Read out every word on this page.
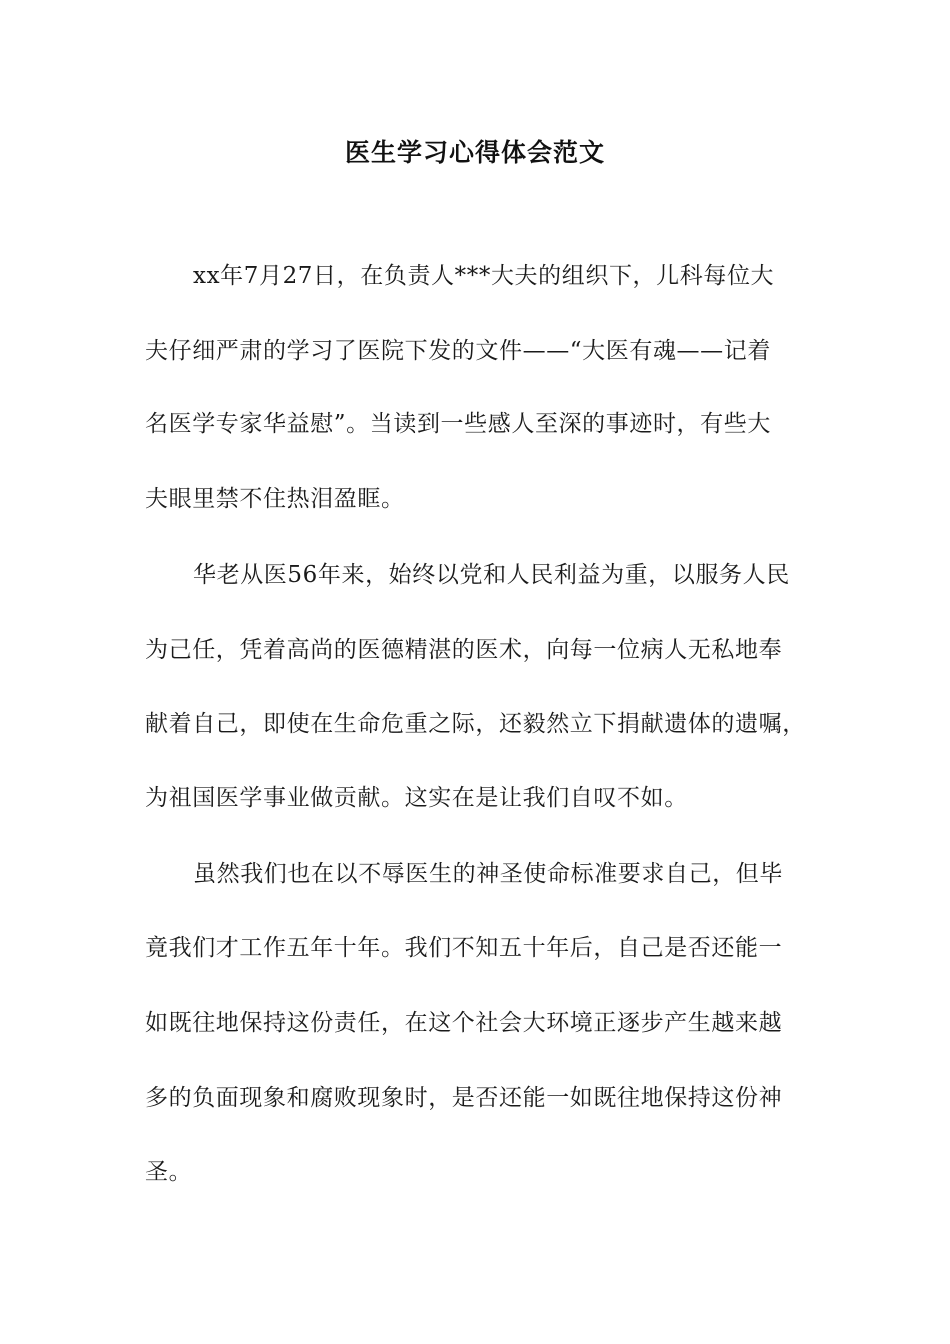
医生学习心得体会范文
xx年7月27日，在负责人***大夫的组织下，儿科每位大
夫仔细严肃的学习了医院下发的文件——“大医有魂——记着
名医学专家华益慰”。当读到一些感人至深的事迹时，有些大
夫眼里禁不住热泪盈眶。
华老从医56年来，始终以党和人民利益为重，以服务人民
为己任，凭着高尚的医德精湛的医术，向每一位病人无私地奉
献着自己，即使在生命危重之际，还毅然立下捐献遗体的遗嘱，
为祖国医学事业做贡献。这实在是让我们自叹不如。
虽然我们也在以不辱医生的神圣使命标准要求自己，但毕
竟我们才工作五年十年。我们不知五十年后，自己是否还能一
如既往地保持这份责任，在这个社会大环境正逐步产生越来越
多的负面现象和腐败现象时，是否还能一如既往地保持这份神
圣。
